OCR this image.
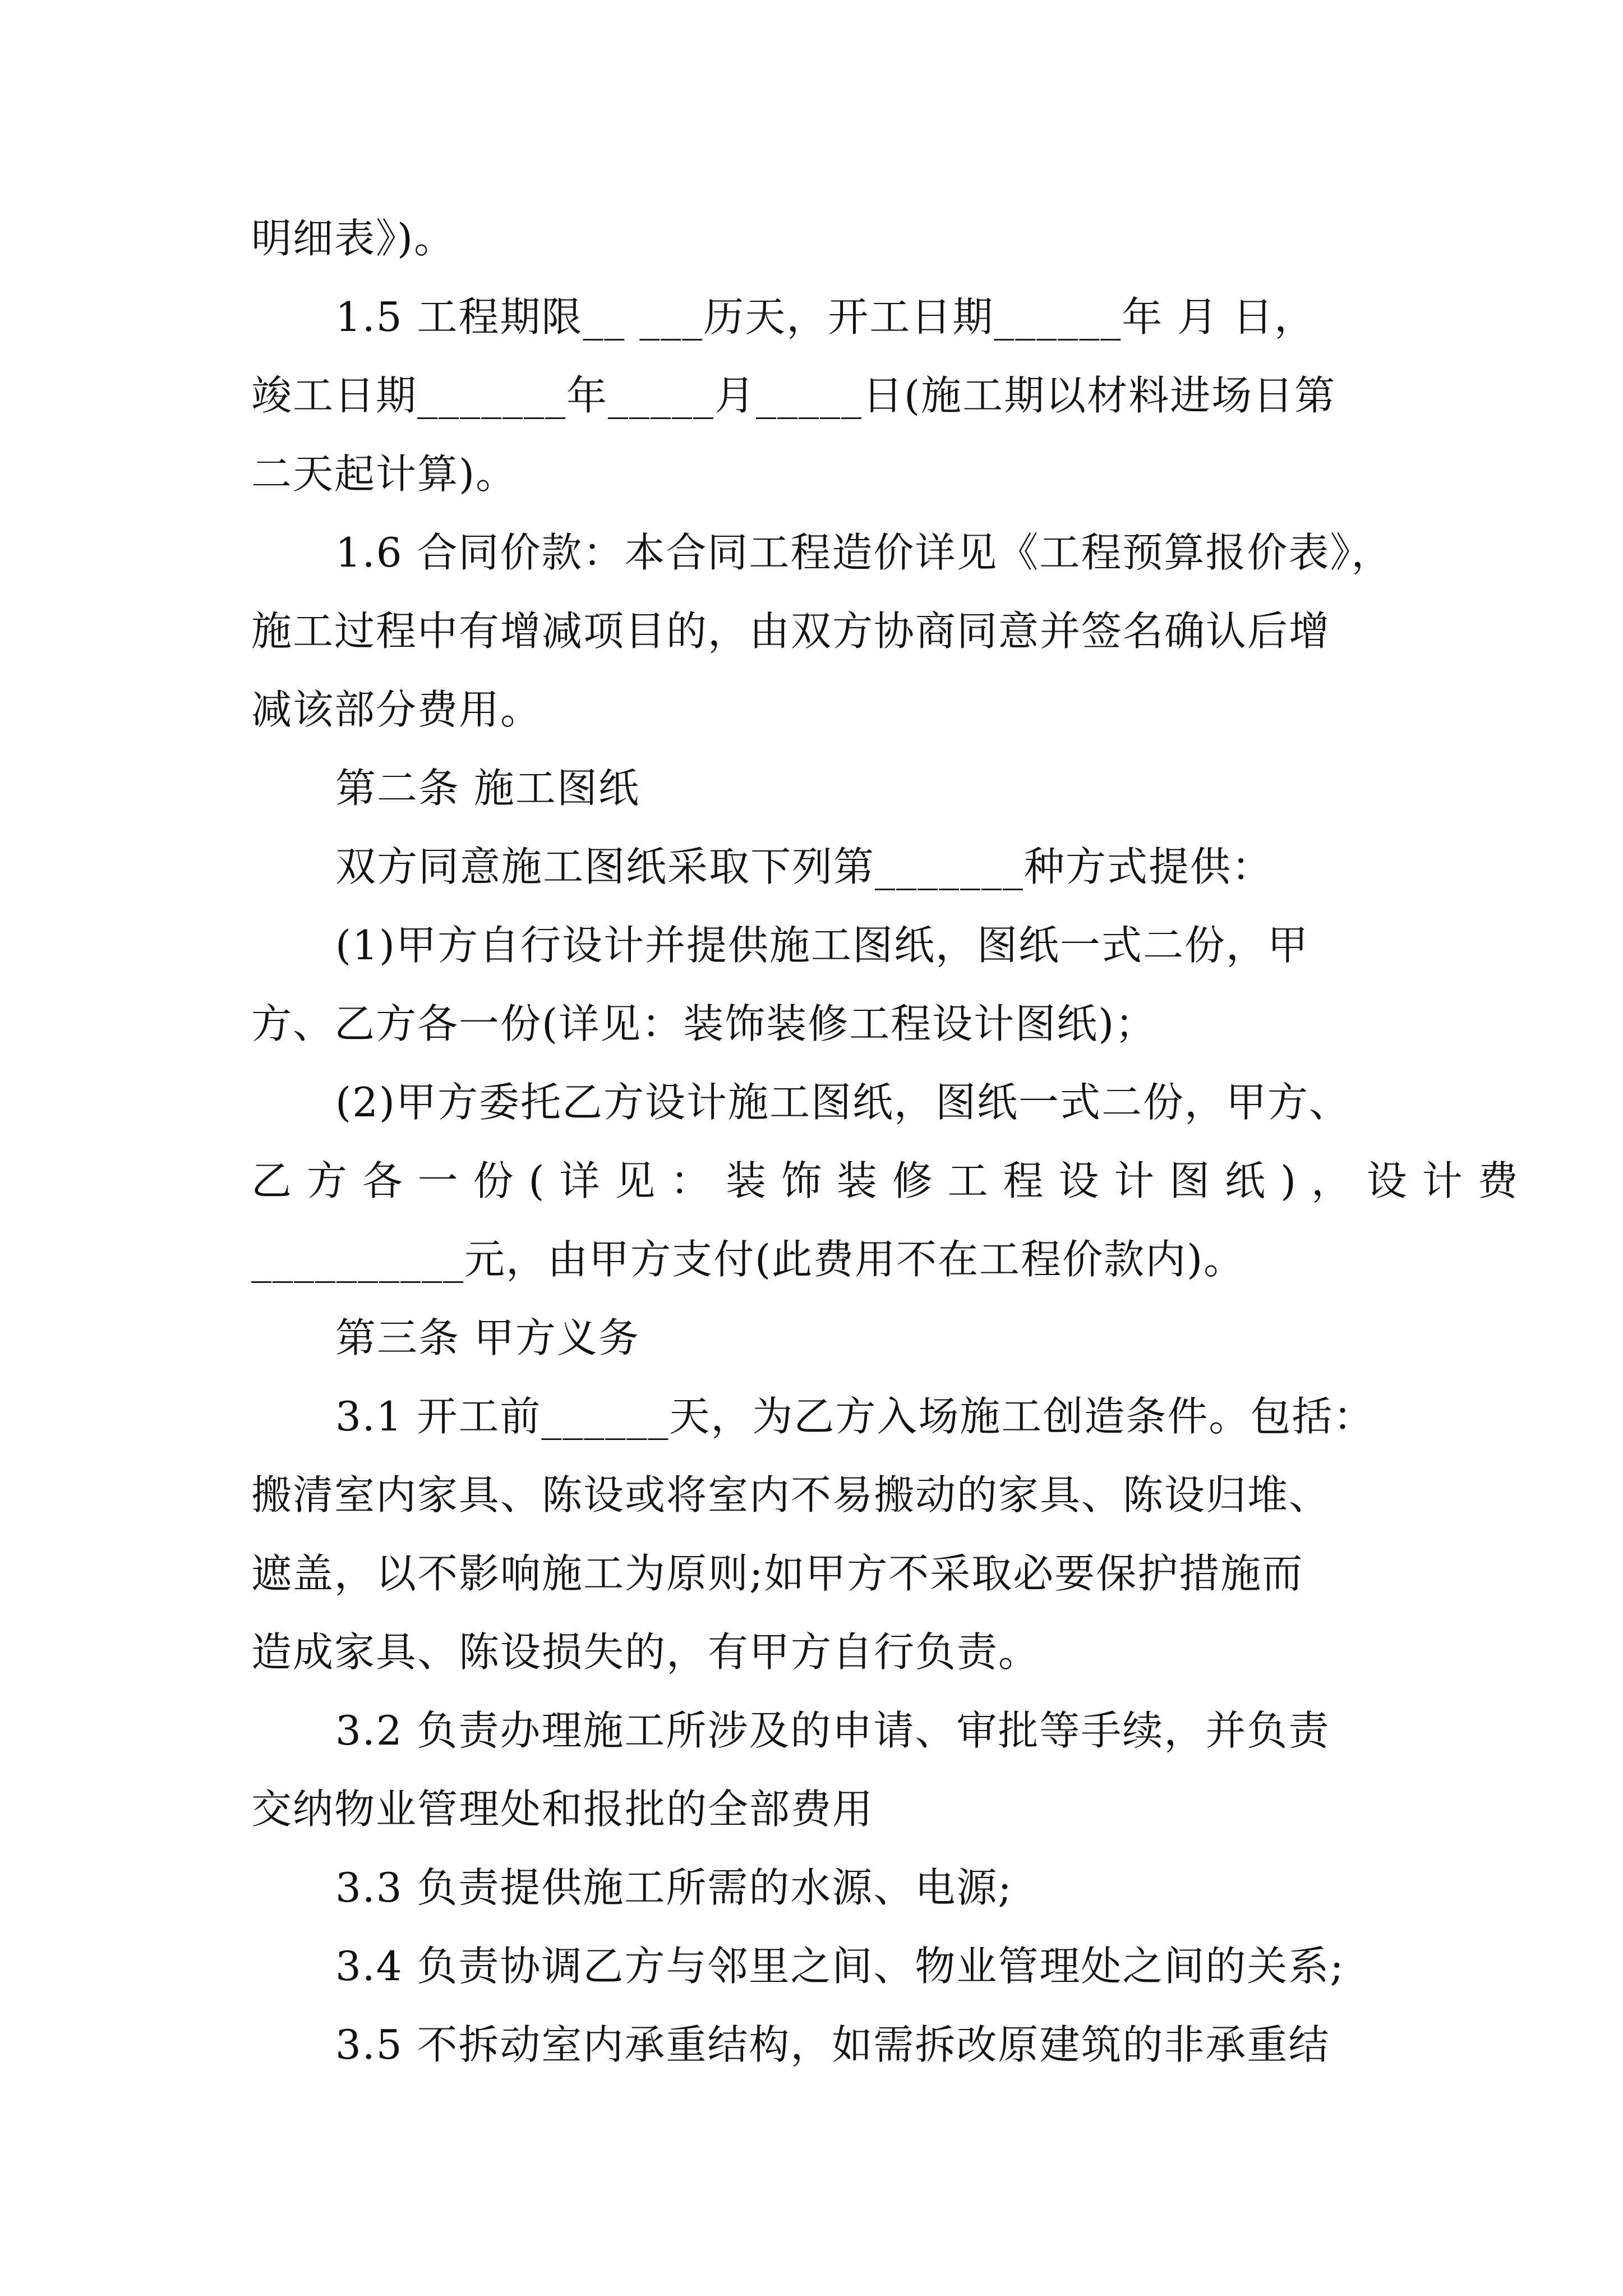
明细表》)。
1.5 工程期限__ ___历天，开工日期______年 月 日，
竣工日期_______年_____月_____日(施工期以材料进场日第
二天起计算)。
1.6 合同价款：本合同工程造价详见《工程预算报价表》，
施工过程中有增减项目的，由双方协商同意并签名确认后增
减该部分费用。
第二条 施工图纸
双方同意施工图纸采取下列第_______种方式提供：
(1)甲方自行设计并提供施工图纸，图纸一式二份，甲
方、乙方各一份(详见：装饰装修工程设计图纸)；
(2)甲方委托乙方设计施工图纸，图纸一式二份，甲方、
乙 方 各 一 份 ( 详 见 ： 装 饰 装 修 工 程 设 计 图 纸 ) ， 设 计 费
__________元，由甲方支付(此费用不在工程价款内)。
第三条 甲方义务
3.1 开工前______天，为乙方入场施工创造条件。包括：
搬清室内家具、陈设或将室内不易搬动的家具、陈设归堆、
遮盖，以不影响施工为原则;如甲方不采取必要保护措施而
造成家具、陈设损失的，有甲方自行负责。
3.2 负责办理施工所涉及的申请、审批等手续，并负责
交纳物业管理处和报批的全部费用
3.3 负责提供施工所需的水源、电源;
3.4 负责协调乙方与邻里之间、物业管理处之间的关系;
3.5 不拆动室内承重结构，如需拆改原建筑的非承重结
